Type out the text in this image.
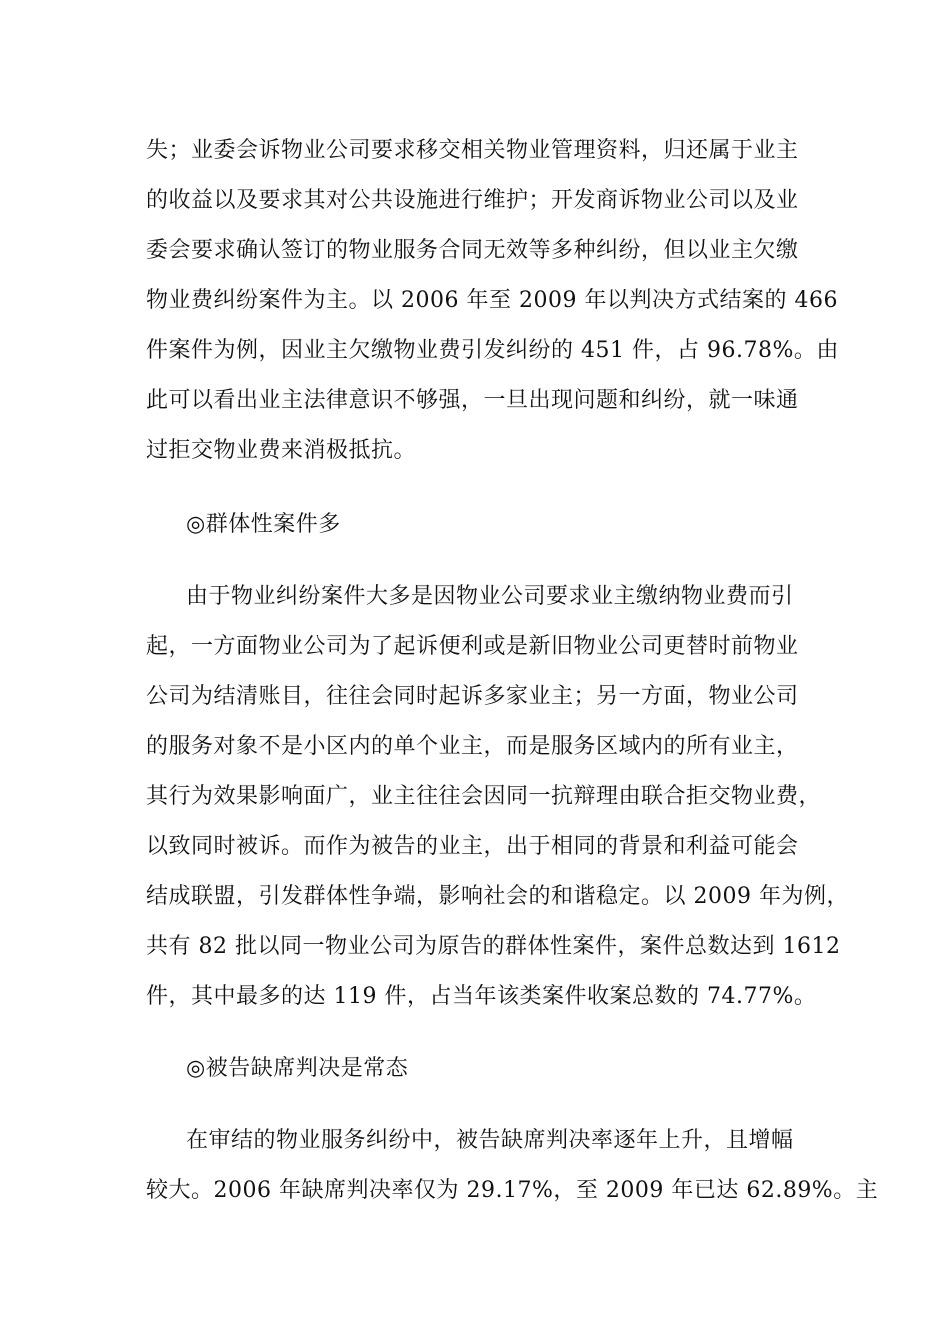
失；业委会诉物业公司要求移交相关物业管理资料，归还属于业主
的收益以及要求其对公共设施进行维护；开发商诉物业公司以及业
委会要求确认签订的物业服务合同无效等多种纠纷，但以业主欠缴
物业费纠纷案件为主。以 2006 年至 2009 年以判决方式结案的 466
件案件为例，因业主欠缴物业费引发纠纷的 451 件，占 96.78%。由
此可以看出业主法律意识不够强，一旦出现问题和纠纷，就一味通
过拒交物业费来消极抵抗。
◎群体性案件多
由于物业纠纷案件大多是因物业公司要求业主缴纳物业费而引
起，一方面物业公司为了起诉便利或是新旧物业公司更替时前物业
公司为结清账目，往往会同时起诉多家业主；另一方面，物业公司
的服务对象不是小区内的单个业主，而是服务区域内的所有业主，
其行为效果影响面广，业主往往会因同一抗辩理由联合拒交物业费，
以致同时被诉。而作为被告的业主，出于相同的背景和利益可能会
结成联盟，引发群体性争端，影响社会的和谐稳定。以 2009 年为例，
共有 82 批以同一物业公司为原告的群体性案件，案件总数达到 1612
件，其中最多的达 119 件，占当年该类案件收案总数的 74.77%。
◎被告缺席判决是常态
在审结的物业服务纠纷中，被告缺席判决率逐年上升，且增幅
较大。2006 年缺席判决率仅为 29.17%，至 2009 年已达 62.89%。主
